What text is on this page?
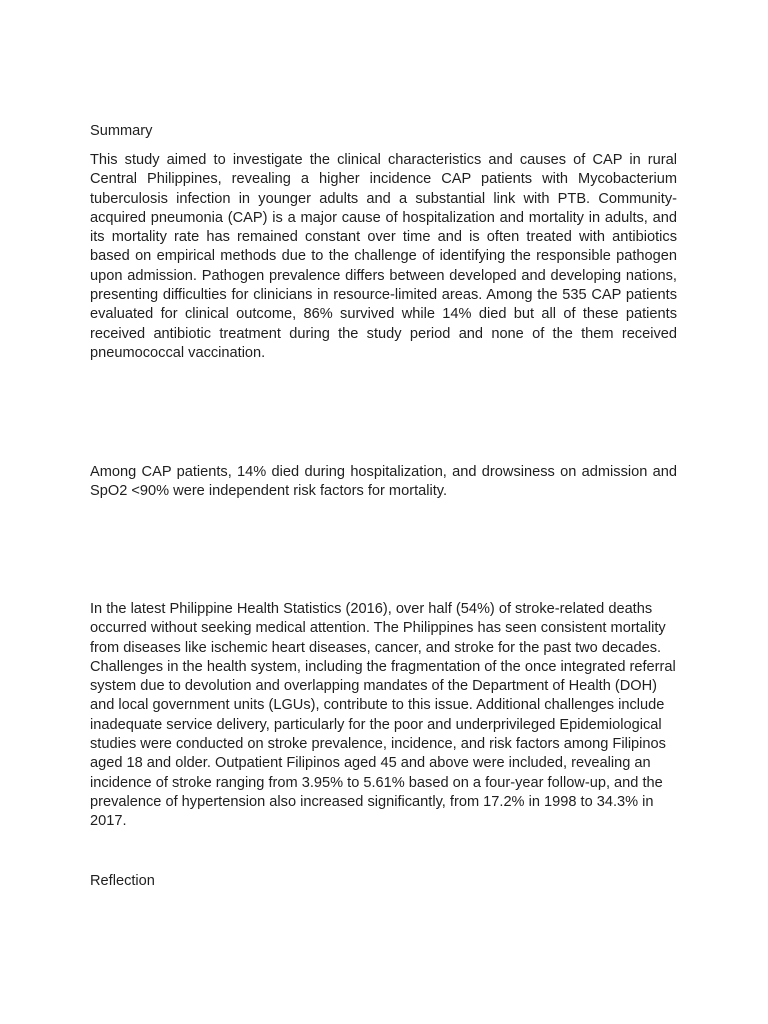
Summary

This study aimed to investigate the clinical characteristics and causes of CAP in rural Central Philippines, revealing a higher incidence CAP patients with Mycobacterium tuberculosis infection in younger adults and a substantial link with PTB. Community-acquired pneumonia (CAP) is a major cause of hospitalization and mortality in adults, and its mortality rate has remained constant over time and is often treated with antibiotics based on empirical methods due to the challenge of identifying the responsible pathogen upon admission. Pathogen prevalence differs between developed and developing nations, presenting difficulties for clinicians in resource-limited areas. Among the 535 CAP patients evaluated for clinical outcome, 86% survived while 14% died but all of these patients received antibiotic treatment during the study period and none of the them received pneumococcal vaccination.

Among CAP patients, 14% died during hospitalization, and drowsiness on admission and SpO2 <90% were independent risk factors for mortality.

In the latest Philippine Health Statistics (2016), over half (54%) of stroke-related deaths occurred without seeking medical attention. The Philippines has seen consistent mortality from diseases like ischemic heart diseases, cancer, and stroke for the past two decades. Challenges in the health system, including the fragmentation of the once integrated referral system due to devolution and overlapping mandates of the Department of Health (DOH) and local government units (LGUs), contribute to this issue. Additional challenges include inadequate service delivery, particularly for the poor and underprivileged Epidemiological studies were conducted on stroke prevalence, incidence, and risk factors among Filipinos aged 18 and older. Outpatient Filipinos aged 45 and above were included, revealing an incidence of stroke ranging from 3.95% to 5.61% based on a four-year follow-up, and the prevalence of hypertension also increased significantly, from 17.2% in 1998 to 34.3% in 2017.

Reflection
